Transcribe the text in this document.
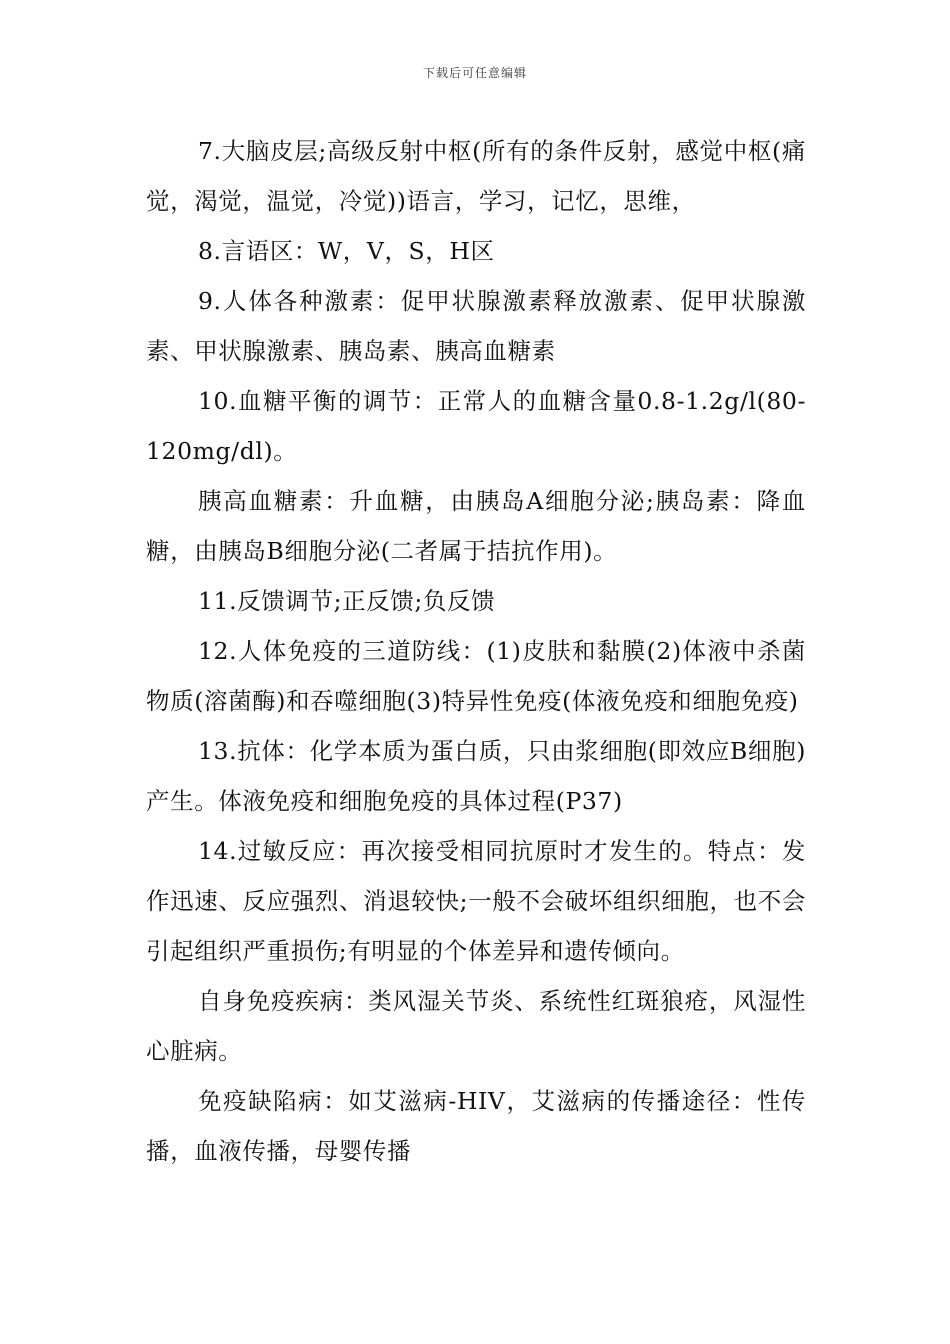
下载后可任意编辑

7.大脑皮层;高级反射中枢(所有的条件反射，感觉中枢(痛觉，渴觉，温觉，冷觉))语言，学习，记忆，思维，

8.言语区：W，V，S，H区

9.人体各种激素：促甲状腺激素释放激素、促甲状腺激素、甲状腺激素、胰岛素、胰高血糖素

10.血糖平衡的调节：正常人的血糖含量0.8-1.2g/l(80-120mg/dl)。

胰高血糖素：升血糖，由胰岛A细胞分泌;胰岛素：降血糖，由胰岛B细胞分泌(二者属于拮抗作用)。

11.反馈调节;正反馈;负反馈

12.人体免疫的三道防线：(1)皮肤和黏膜(2)体液中杀菌物质(溶菌酶)和吞噬细胞(3)特异性免疫(体液免疫和细胞免疫)

13.抗体：化学本质为蛋白质，只由浆细胞(即效应B细胞)产生。体液免疫和细胞免疫的具体过程(P37)

14.过敏反应：再次接受相同抗原时才发生的。特点：发作迅速、反应强烈、消退较快;一般不会破坏组织细胞，也不会引起组织严重损伤;有明显的个体差异和遗传倾向。

自身免疫疾病：类风湿关节炎、系统性红斑狼疮，风湿性心脏病。

免疫缺陷病：如艾滋病-HIV，艾滋病的传播途径：性传播，血液传播，母婴传播
